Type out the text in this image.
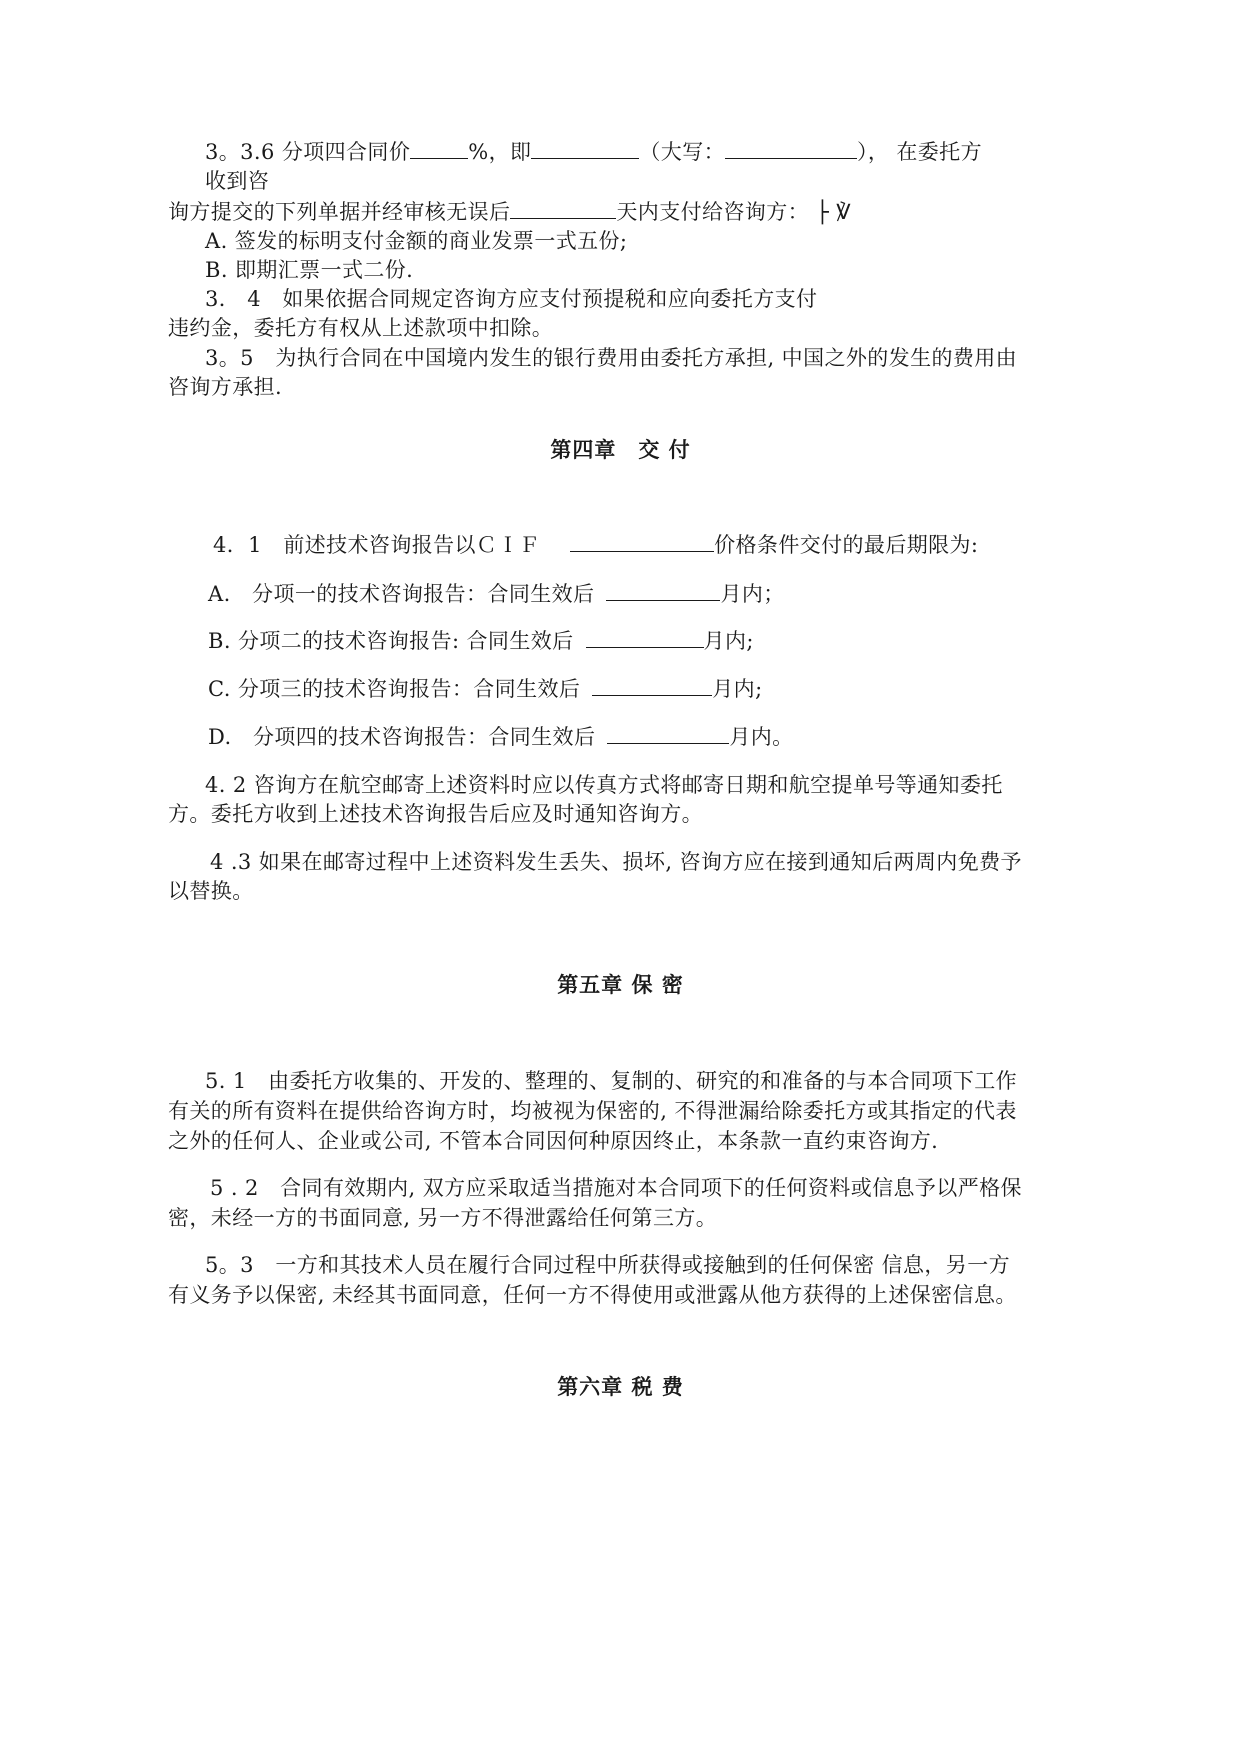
3。3.6 分项四合同价	%，即	（大写：	）， 在委托方
收到咨
询方提交的下列单据并经审核无误后	天内支付给咨询方： ├ ℣
A. 签发的标明支付金额的商业发票一式五份;
B. 即期汇票一式二份.
3． 4　如果依据合同规定咨询方应支付预提税和应向委托方支付
违约金，委托方有权从上述款项中扣除。
3。5　为执行合同在中国境内发生的银行费用由委托方承担, 中国之外的发生的费用由
咨询方承担.
第四章　交 付
4．1　前述技术咨询报告以ＣＩＦ	价格条件交付的最后期限为:
A.　分项一的技术咨询报告：合同生效后	月内；
B. 分项二的技术咨询报告: 合同生效后	月内;
C. 分项三的技术咨询报告：合同生效后	月内;
D.　分项四的技术咨询报告：合同生效后	月内。
4. 2 咨询方在航空邮寄上述资料时应以传真方式将邮寄日期和航空提单号等通知委托
方。委托方收到上述技术咨询报告后应及时通知咨询方。
4 .3 如果在邮寄过程中上述资料发生丢失、损坏, 咨询方应在接到通知后两周内免费予
以替换。
第五章 保 密
5. 1　由委托方收集的、开发的、整理的、复制的、研究的和准备的与本合同项下工作
有关的所有资料在提供给咨询方时，均被视为保密的, 不得泄漏给除委托方或其指定的代表
之外的任何人、企业或公司, 不管本合同因何种原因终止，本条款一直约束咨询方.
5 . 2　合同有效期内, 双方应采取适当措施对本合同项下的任何资料或信息予以严格保
密，未经一方的书面同意, 另一方不得泄露给任何第三方。
5。3　一方和其技术人员在履行合同过程中所获得或接触到的任何保密 信息，另一方
有义务予以保密, 未经其书面同意，任何一方不得使用或泄露从他方获得的上述保密信息。
第六章 税 费
